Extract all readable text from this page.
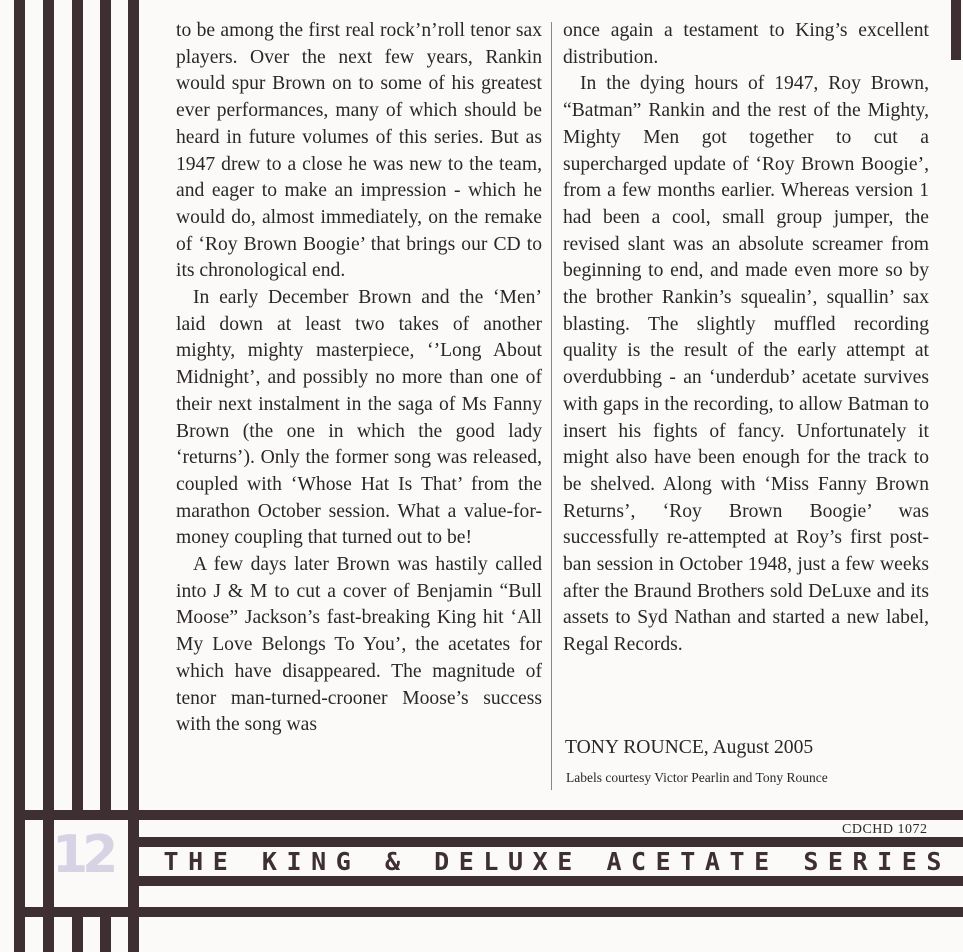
to be among the first real rock’n’roll tenor sax players. Over the next few years, Rankin would spur Brown on to some of his greatest ever performances, many of which should be heard in future volumes of this series. But as 1947 drew to a close he was new to the team, and eager to make an impression - which he would do, almost immediately, on the remake of ‘Roy Brown Boogie’ that brings our CD to its chronological end.

In early December Brown and the ‘Men’ laid down at least two takes of another mighty, mighty masterpiece, ‘’Long About Midnight’, and possibly no more than one of their next instalment in the saga of Ms Fanny Brown (the one in which the good lady ‘returns’). Only the former song was released, coupled with ‘Whose Hat Is That’ from the marathon October session. What a value-for-money coupling that turned out to be!

A few days later Brown was hastily called into J & M to cut a cover of Benjamin “Bull Moose” Jackson’s fast-breaking King hit ‘All My Love Belongs To You’, the acetates for which have disappeared. The magnitude of tenor man-turned-crooner Moose’s success with the song was

once again a testament to King’s excellent distribution.

In the dying hours of 1947, Roy Brown, “Batman” Rankin and the rest of the Mighty, Mighty Men got together to cut a supercharged update of ‘Roy Brown Boogie’, from a few months earlier. Whereas version 1 had been a cool, small group jumper, the revised slant was an absolute screamer from beginning to end, and made even more so by the brother Rankin’s squealin’, squallin’ sax blasting. The slightly muffled recording quality is the result of the early attempt at overdubbing - an ‘underdub’ acetate survives with gaps in the recording, to allow Batman to insert his fights of fancy. Unfortunately it might also have been enough for the track to be shelved. Along with ‘Miss Fanny Brown Returns’, ‘Roy Brown Boogie’ was successfully re-attempted at Roy’s first post-ban session in October 1948, just a few weeks after the Braund Brothers sold DeLuxe and its assets to Syd Nathan and started a new label, Regal Records.

TONY ROUNCE, August 2005
Labels courtesy Victor Pearlin and Tony Rounce
CDCHD 1072
12	T H E
K I N G
&
D E L U X E
A C E T A T E
S E R I E S
